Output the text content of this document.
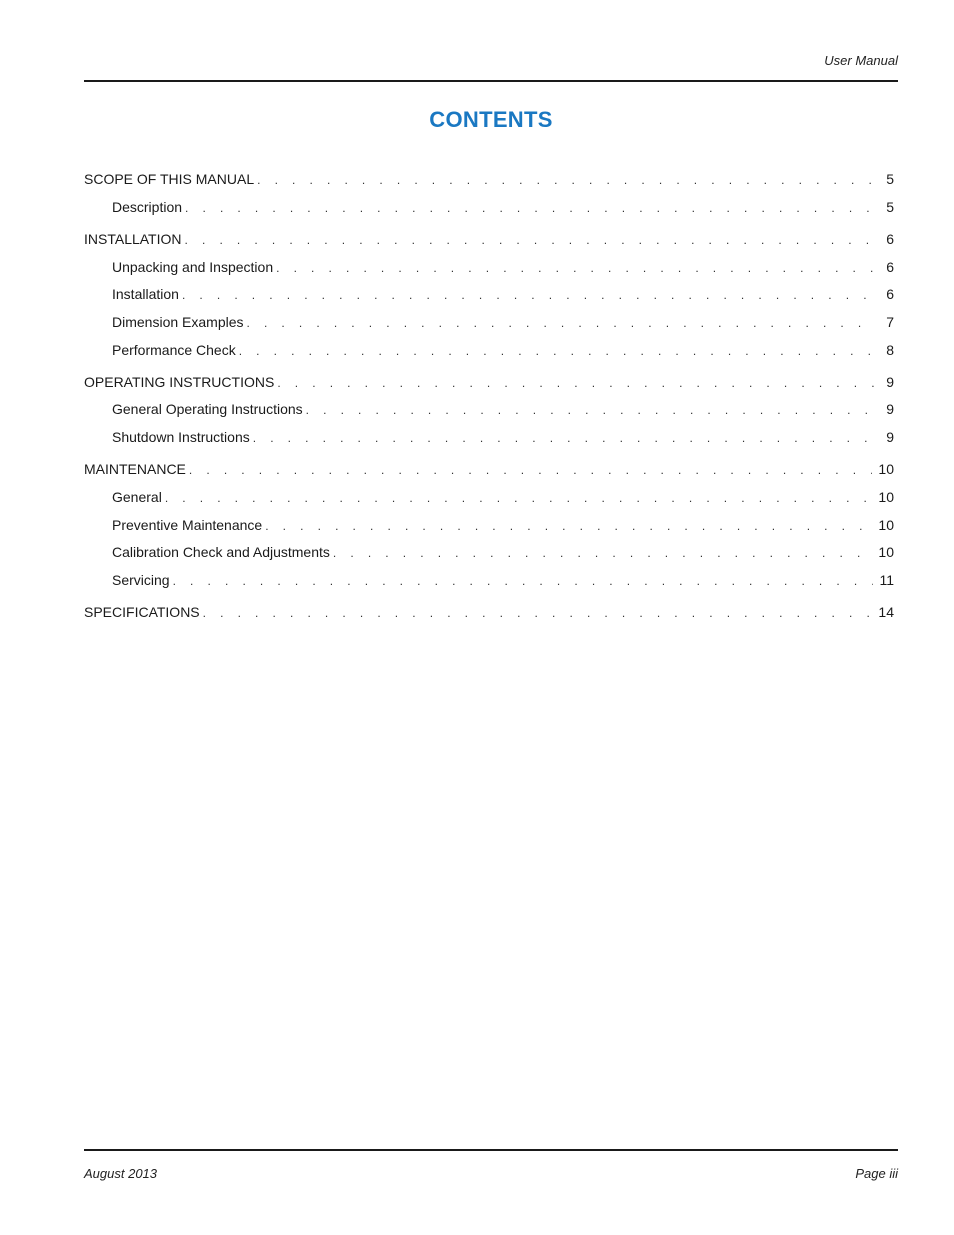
User Manual
CONTENTS
SCOPE OF THIS MANUAL . . .	5
Description . . .	5
INSTALLATION . . .	6
Unpacking and Inspection . . .	6
Installation . . .	6
Dimension Examples . . .	7
Performance Check . . .	8
OPERATING INSTRUCTIONS . . .	9
General Operating Instructions . . .	9
Shutdown Instructions . . .	9
MAINTENANCE . . .	10
General . . .	10
Preventive Maintenance . . .	10
Calibration Check and Adjustments . . .	10
Servicing . . .	11
SPECIFICATIONS . . .	14
August 2013	Page iii
